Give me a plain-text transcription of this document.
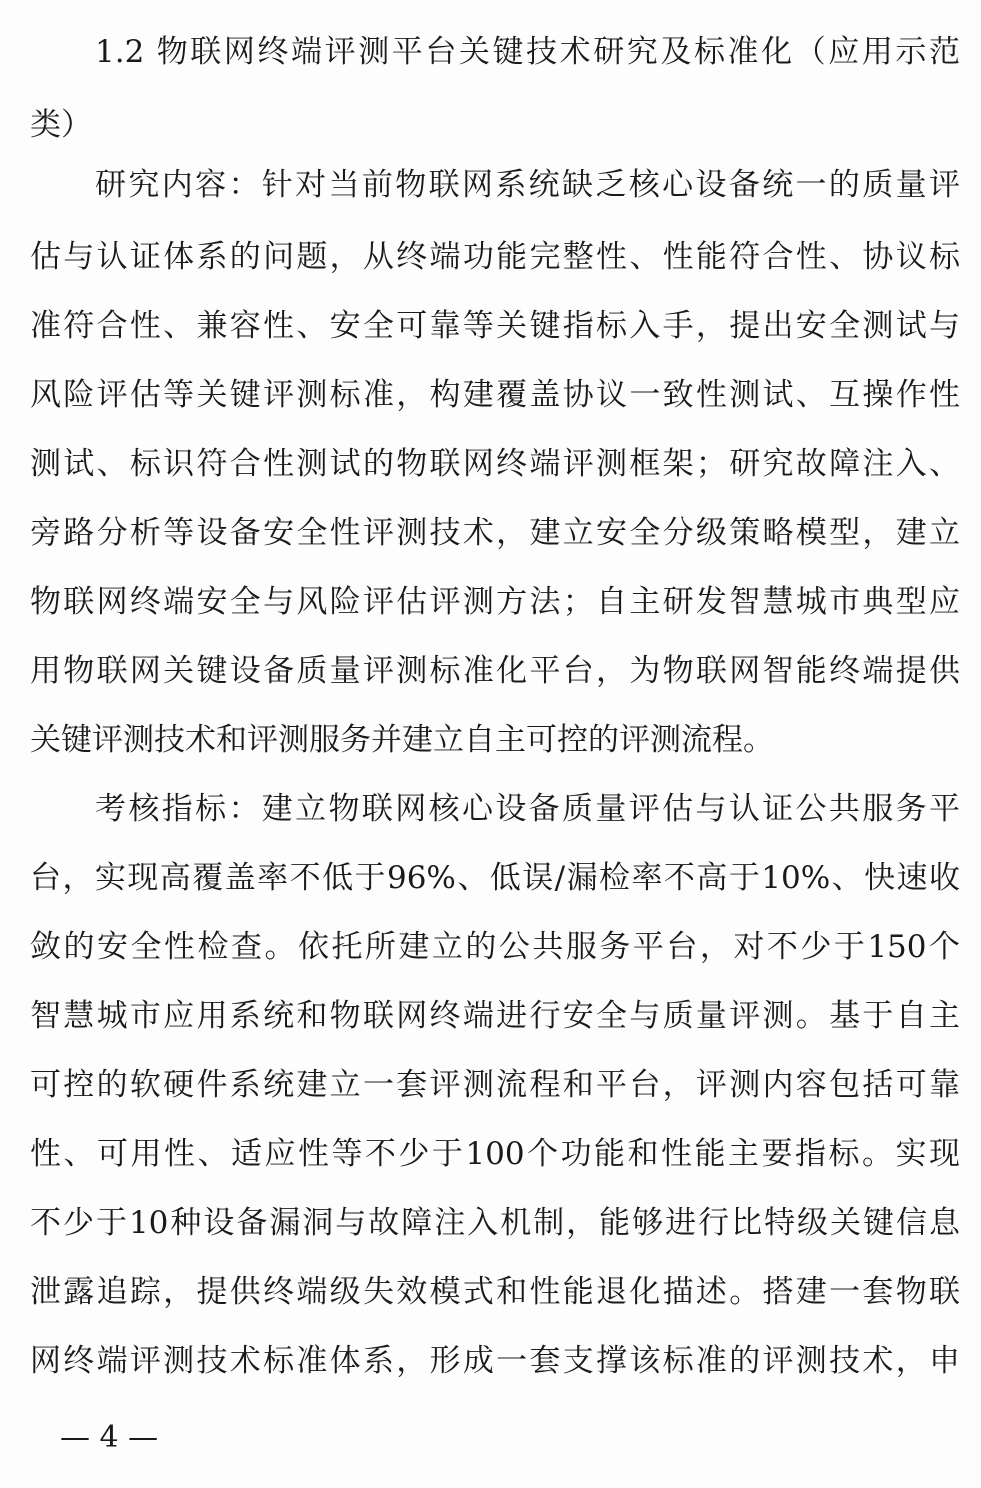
1.2 物联网终端评测平台关键技术研究及标准化（应用示范
类）
研究内容：针对当前物联网系统缺乏核心设备统一的质量评
估与认证体系的问题，从终端功能完整性、性能符合性、协议标
准符合性、兼容性、安全可靠等关键指标入手，提出安全测试与
风险评估等关键评测标准，构建覆盖协议一致性测试、互操作性
测试、标识符合性测试的物联网终端评测框架；研究故障注入、
旁路分析等设备安全性评测技术，建立安全分级策略模型，建立
物联网终端安全与风险评估评测方法；自主研发智慧城市典型应
用物联网关键设备质量评测标准化平台，为物联网智能终端提供
关键评测技术和评测服务并建立自主可控的评测流程。
考核指标：建立物联网核心设备质量评估与认证公共服务平
台，实现高覆盖率不低于96%、低误/漏检率不高于10%、快速收
敛的安全性检查。依托所建立的公共服务平台，对不少于150个
智慧城市应用系统和物联网终端进行安全与质量评测。基于自主
可控的软硬件系统建立一套评测流程和平台，评测内容包括可靠
性、可用性、适应性等不少于100个功能和性能主要指标。实现
不少于10种设备漏洞与故障注入机制，能够进行比特级关键信息
泄露追踪，提供终端级失效模式和性能退化描述。搭建一套物联
网终端评测技术标准体系，形成一套支撑该标准的评测技术，申
— 4 —
